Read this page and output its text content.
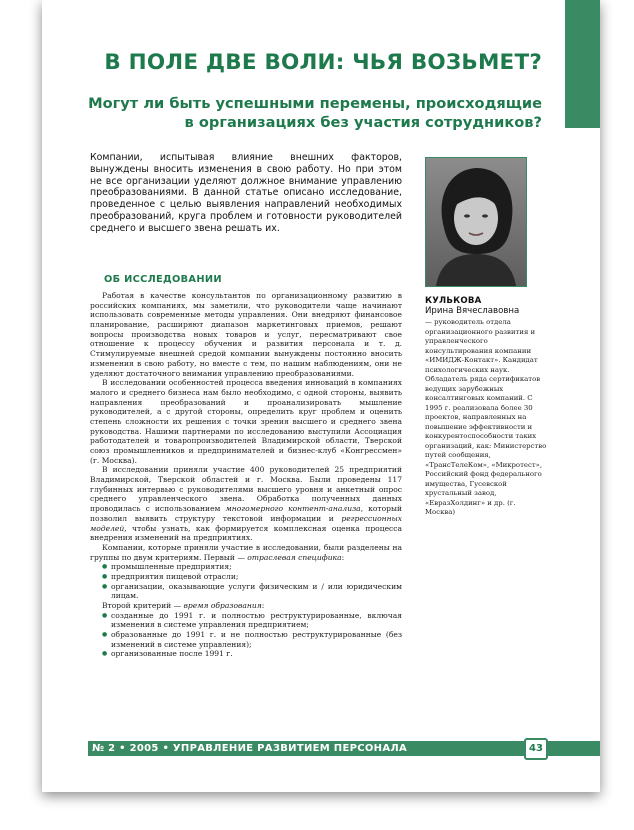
В ПОЛЕ ДВЕ ВОЛИ: ЧЬЯ ВОЗЬМЕТ?
Могут ли быть успешными перемены, происходящие
в организациях без участия сотрудников?
Компании, испытывая влияние внешних факторов, вынуждены вносить изменения в свою работу. Но при этом не все организации уделяют должное внимание управлению преобразованиями. В данной статье описано исследование, проведенное с целью выявления направлений необходимых преобразований, круга проблем и готовности руководителей среднего и высшего звена решать их.
ОБ ИССЛЕДОВАНИИ

Работая в качестве консультантов по организационному развитию в российских компаниях, мы заметили, что руководители чаще начинают использовать современные методы управления. Они внедряют финансовое планирование, расширяют диапазон маркетинговых приемов, решают вопросы производства новых товаров и услуг, пересматривают свое отношение к процессу обучения и развития персонала и т. д. Стимулируемые внешней средой компании вынуждены постоянно вносить изменения в свою работу, но вместе с тем, по нашим наблюдениям, они не уделяют достаточного внимания управлению преобразованиями.

В исследовании особенностей процесса введения инноваций в компаниях малого и среднего бизнеса нам было необходимо, с одной стороны, выявить направления преобразований и проанализировать мышление руководителей, а с другой стороны, определить круг проблем и оценить степень сложности их решения с точки зрения высшего и среднего звена руководства. Нашими партнерами по исследованию выступили Ассоциация работодателей и товаропроизводителей Владимирской области, Тверской союз промышленников и предпринимателей и бизнес-клуб «Конгрессмен» (г. Москва).

В исследовании приняли участие 400 руководителей 25 предприятий Владимирской, Тверской областей и г. Москва. Были проведены 117 глубинных интервью с руководителями высшего уровня и анкетный опрос среднего управленческого звена. Обработка полученных данных проводилась с использованием многомерного контент-анализа, который позволил выявить структуру текстовой информации и регрессионных моделей, чтобы узнать, как формируется комплексная оценка процесса внедрения изменений на предприятиях.

Компании, которые приняли участие в исследовании, были разделены на группы по двум критериям. Первый — отраслевая специфика:

● промышленные предприятия;
● предприятия пищевой отрасли;
● организации, оказывающие услуги физическим и / или юридическим лицам.

Второй критерий — время образования:

● созданные до 1991 г. и полностью реструктурированные, включая изменения в системе управления предприятием;
● образованные до 1991 г. и не полностью реструктурированные (без изменений в системе управления);
● организованные после 1991 г.
КУЛЬКОВА
Ирина Вячеславовна
— руководитель отдела организационного развития и управленческого консультирования компании «ИМИДЖ-Контакт». Кандидат психологических наук. Обладатель ряда сертификатов ведущих зарубежных консалтинговых компаний. С 1995 г. реализовала более 30 проектов, направленных на повышение эффективности и конкурентоспособности таких организаций, как: Министерство путей сообщения, «ТрансТелеКом», «Микротест», Российский фонд федерального имущества, Гусевской хрустальный завод, «ЕвразХолдинг» и др. (г. Москва)
№ 2 • 2005 • УПРАВЛЕНИЕ РАЗВИТИЕМ ПЕРСОНАЛА	43
